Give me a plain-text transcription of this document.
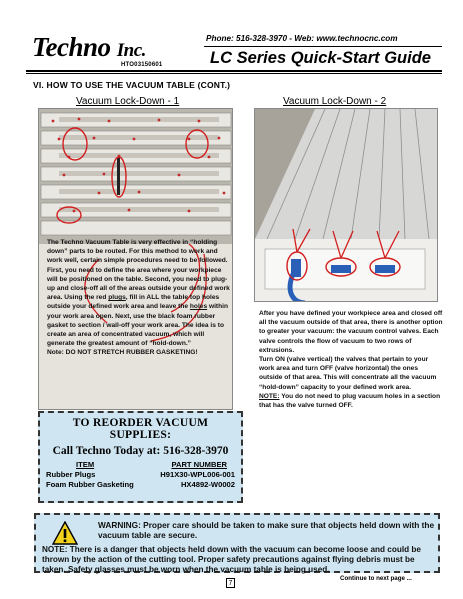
Techno Inc.
HTO03150601
Phone: 516-328-3970 - Web: www.technocnc.com
LC Series Quick-Start Guide
VI. HOW TO USE THE VACUUM TABLE (CONT.)
Vacuum Lock-Down - 1	Vacuum Lock-Down - 2
The Techno Vacuum Table is very effective in “holding down” parts to be routed. For this method to work and work well, certain simple procedures need to be followed. First, you need to define the area where your workpiece will be positioned on the table. Second, you need to plug-up and close-off all of the areas outside your defined work area. Using the red plugs, fill in ALL the table top holes outside your defined work area and leave the holes within your work area open. Next, use the black foam rubber gasket to section / wall-off your work area. The idea is to create an area of concentrated vacuum, which will generate the greatest amount of “hold-down.”
Note: DO NOT STRETCH RUBBER GASKETING!
After you have defined your workpiece area and closed off all the vacuum outside of that area, there is another option to greater your vacuum: the vacuum control valves. Each valve controls the flow of vacuum to two rows of extrusions.
Turn ON (valve vertical) the valves that pertain to your work area and turn OFF (valve horizontal) the ones outside of that area. This will concentrate all the vacuum “hold-down” capacity to your defined work area.
NOTE: You do not need to plug vacuum holes in a section that has the valve turned OFF.
TO REORDER VACUUM SUPPLIES:
Call Techno Today at: 516-328-3970
ITEM	PART NUMBER
Rubber Plugs	H91X30-WPL006-001
Foam Rubber Gasketing	HX4892-W0002
WARNING: Proper care should be taken to make sure that objects held down with the vacuum table are secure.
NOTE: There is a danger that objects held down with the vacuum can become loose and could be thrown by the action of the cutting tool. Proper safety precautions against flying debris must be taken. Safety glasses must be worn when the vacuum table is being used.
7
Continue to next page ...
